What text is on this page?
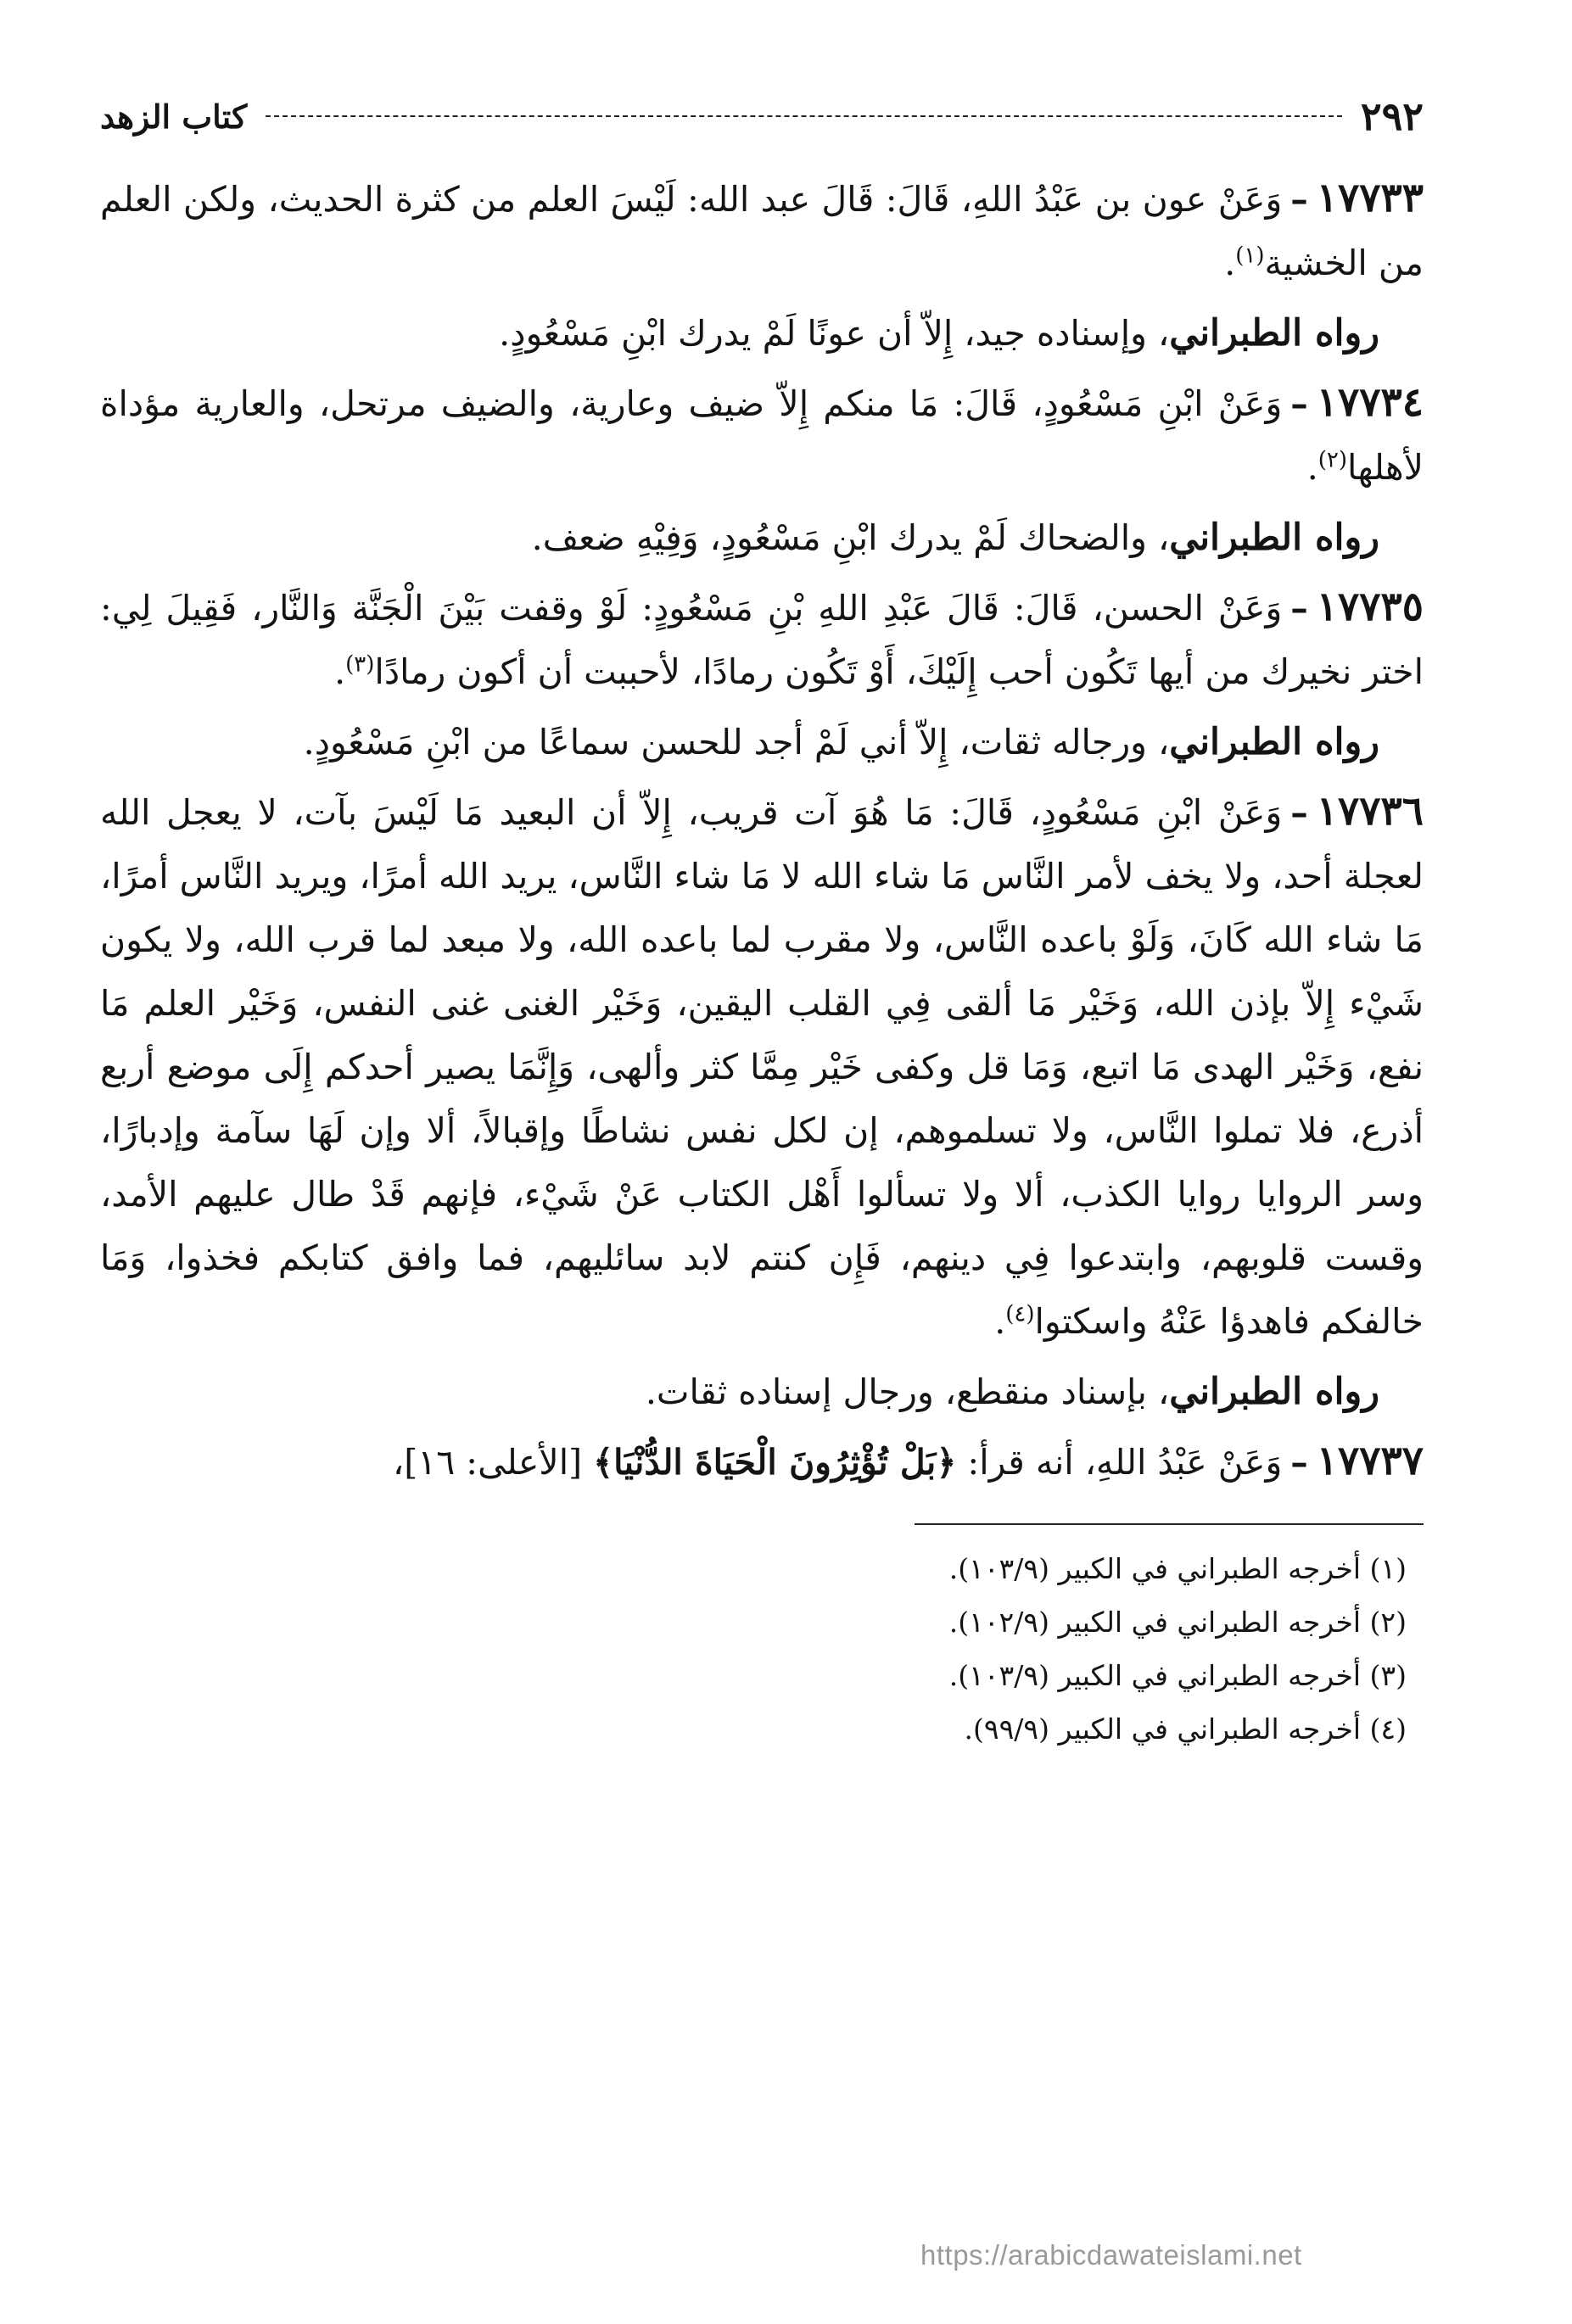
٢٩٢
كتاب الزهد

١٧٧٣٣–وَعَنْ عون بن عَبْدُ اللهِ، قَالَ: قَالَ عبد الله: لَيْسَ العلم من كثرة الحديث، ولكن العلم من الخشية$^{(١)}$.

رواه الطبراني، وإسناده جيد، إِلاّ أن عونًا لَمْ يدرك ابْنِ مَسْعُودٍ.

١٧٧٣٤–وَعَنْ ابْنِ مَسْعُودٍ، قَالَ: مَا منكم إِلاّ ضيف وعارية، والضيف مرتحل، والعارية مؤداة لأهلها$^{(٢)}$.

رواه الطبراني، والضحاك لَمْ يدرك ابْنِ مَسْعُودٍ، وَفِيْهِ ضعف.

١٧٧٣٥–وَعَنْ الحسن، قَالَ: قَالَ عَبْدِ اللهِ بْنِ مَسْعُودٍ: لَوْ وقفت بَيْنَ الْجَنَّة وَالنَّار، فَقِيلَ لِي: اختر نخيرك من أيها تَكُون أحب إِلَيْكَ، أَوْ تَكُون رمادًا، لأحببت أن أكون رمادًا$^{(٣)}$.

رواه الطبراني، ورجاله ثقات، إِلاّ أني لَمْ أجد للحسن سماعًا من ابْنِ مَسْعُودٍ.

١٧٧٣٦–وَعَنْ ابْنِ مَسْعُودٍ، قَالَ: مَا هُوَ آت قريب، إِلاّ أن البعيد مَا لَيْسَ بآت، لا يعجل الله لعجلة أحد، ولا يخف لأمر النَّاس مَا شاء الله لا مَا شاء النَّاس، يريد الله أمرًا، ويريد النَّاس أمرًا، مَا شاء الله كَانَ، وَلَوْ باعده النَّاس، ولا مقرب لما باعده الله، ولا مبعد لما قرب الله، ولا يكون شَيْء إِلاّ بإذن الله، وَخَيْر مَا ألقى فِي القلب اليقين، وَخَيْر الغنى غنى النفس، وَخَيْر العلم مَا نفع، وَخَيْر الهدى مَا اتبع، وَمَا قل وكفى خَيْر مِمَّا كثر وألهى، وَإِنَّمَا يصير أحدكم إِلَى موضع أربع أذرع، فلا تملوا النَّاس، ولا تسلموهم، إن لكل نفس نشاطًا وإقبالاً، ألا وإن لَهَا سآمة وإدبارًا، وسر الروايا روايا الكذب، ألا ولا تسألوا أَهْل الكتاب عَنْ شَيْء، فإنهم قَدْ طال عليهم الأمد، وقست قلوبهم، وابتدعوا فِي دينهم، فَإِن كنتم لابد سائليهم، فما وافق كتابكم فخذوا، وَمَا خالفكم فاهدؤا عَنْهُ واسكتوا$^{(٤)}$.

رواه الطبراني، بإسناد منقطع، ورجال إسناده ثقات.

١٧٧٣٧–وَعَنْ عَبْدُ اللهِ، أنه قرأ: ﴿بَلْ تُؤْثِرُونَ الْحَيَاةَ الدُّنْيَا﴾ [الأعلى: ١٦]،

(١) أخرجه الطبراني في الكبير (١٠٣/٩).

(٢) أخرجه الطبراني في الكبير (١٠٢/٩).

(٣) أخرجه الطبراني في الكبير (١٠٣/٩).

(٤) أخرجه الطبراني في الكبير (٩٩/٩).

https://arabicdawateislami.net
